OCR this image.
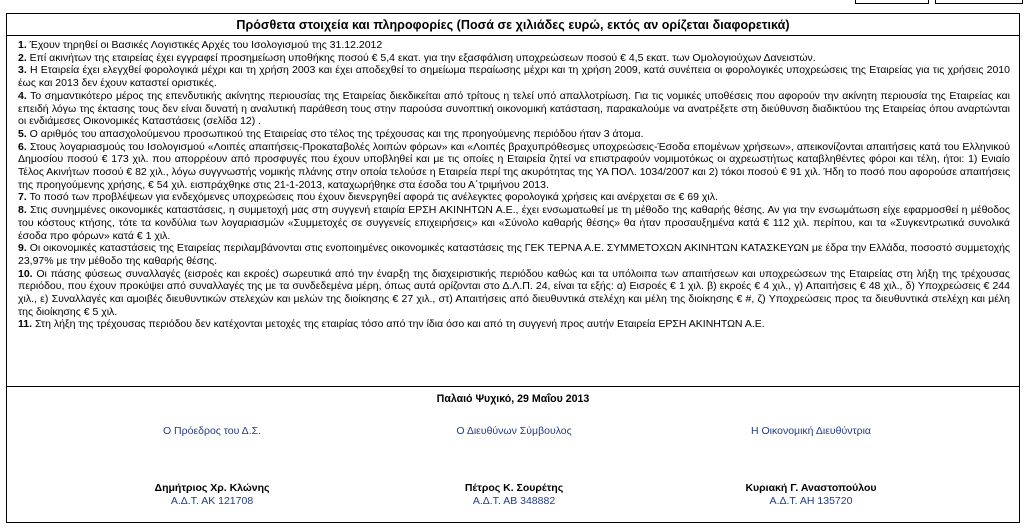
Πρόσθετα στοιχεία και πληροφορίες (Ποσά σε χιλιάδες ευρώ, εκτός αν ορίζεται διαφορετικά)

1. Έχουν τηρηθεί οι Βασικές Λογιστικές Αρχές του Ισολογισμού της 31.12.2012

2. Επί ακινήτων της εταιρείας έχει εγγραφεί προσημείωση υποθήκης ποσού € 5,4 εκατ. για την εξασφάλιση υποχρεώσεων ποσού € 4,5 εκατ. των Ομολογιούχων Δανειστών.

3. Η Εταιρεία έχει ελεγχθεί φορολογικά μέχρι και τη χρήση 2003 και έχει αποδεχθεί το σημείωμα περαίωσης μέχρι και τη χρήση 2009, κατά συνέπεια οι φορολογικές υποχρεώσεις της Εταιρείας για τις χρήσεις 2010 έως και 2013 δεν έχουν καταστεί οριστικές.

4. Το σημαντικότερο μέρος της επενδυτικής ακίνητης περιουσίας της Εταιρείας διεκδικείται από τρίτους η τελεί υπό απαλλοτρίωση. Για τις νομικές υποθέσεις που αφορούν την ακίνητη περιουσία της Εταιρείας και επειδή λόγω της έκτασης τους δεν είναι δυνατή η αναλυτική παράθεση τους στην παρούσα συνοπτική οικονομική κατάσταση, παρακαλούμε να ανατρέξετε στη διεύθυνση διαδικτύου της Εταιρείας όπου αναρτώνται οι ενδιάμεσες Οικονομικές Καταστάσεις (σελίδα 12) .

5. Ο αριθμός του απασχολούμενου προσωπικού της Εταιρείας στο τέλος της τρέχουσας και της προηγούμενης περιόδου ήταν 3 άτομα.

6. Στους λογαριασμούς του Ισολογισμού «Λοιπές απαιτήσεις-Προκαταβολές λοιπών φόρων» και «Λοιπές βραχυπρόθεσμες υποχρεώσεις-Έσοδα επομένων χρήσεων», απεικονίζονται απαιτήσεις κατά του Ελληνικού Δημοσίου ποσού € 173 χιλ. που απορρέουν από προσφυγές που έχουν υποβληθεί και με τις οποίες η Εταιρεία ζητεί να επιστραφούν νομιμοτόκως οι αχρεωστήτως καταβληθέντες φόροι και τέλη, ήτοι: 1) Ενιαίο Τέλος Ακινήτων ποσού € 82 χιλ., λόγω συγγνωστής νομικής πλάνης στην οποία τελούσε η Εταιρεία περί της ακυρότητας της ΥΑ ΠΟΛ. 1034/2007 και 2) τόκοι ποσού € 91 χιλ. Ήδη το ποσό που αφορούσε απαιτήσεις της προηγούμενης χρήσης, € 54 χιλ. εισπράχθηκε στις 21-1-2013, καταχωρήθηκε στα έσοδα του Α΄τριμήνου 2013.

7. Το ποσό των προβλέψεων για ενδεχόμενες υποχρεώσεις που έχουν διενεργηθεί αφορά τις ανέλεγκτες φορολογικά χρήσεις και ανέρχεται σε € 69 χιλ.

8. Στις συνημμένες οικονομικές καταστάσεις, η συμμετοχή μας στη συγγενή εταιρία ΕΡΣΗ ΑΚΙΝΗΤΩΝ Α.Ε., έχει ενσωματωθεί με τη μέθοδο της καθαρής θέσης. Αν για την ενσωμάτωση είχε εφαρμοσθεί η μέθοδος του κόστους κτήσης, τότε τα κονδύλια των λογαριασμών «Συμμετοχές σε συγγενείς επιχειρήσεις» και «Σύνολο καθαρής θέσης» θα ήταν προσαυξημένα κατά € 112 χιλ. περίπου, και τα «Συγκεντρωτικά συνολικά έσοδα προ φόρων» κατά € 1 χιλ.

9. Οι οικονομικές καταστάσεις της Εταιρείας περιλαμβάνονται στις ενοποιημένες οικονομικές καταστάσεις της ΓΕΚ ΤΕΡΝΑ Α.Ε. ΣΥΜΜΕΤΟΧΩΝ ΑΚΙΝΗΤΩΝ ΚΑΤΑΣΚΕΥΩΝ με έδρα την Ελλάδα, ποσοστό συμμετοχής 23,97% με την μέθοδο της καθαρής θέσης.

10. Οι πάσης φύσεως συναλλαγές (εισροές και εκροές) σωρευτικά από την έναρξη της διαχειριστικής περιόδου καθώς και τα υπόλοιπα των απαιτήσεων και υποχρεώσεων της Εταιρείας στη λήξη της τρέχουσας περιόδου, που έχουν προκύψει από συναλλαγές της με τα συνδεδεμένα μέρη, όπως αυτά ορίζονται στο Δ.Λ.Π. 24, είναι τα εξής: α) Εισροές € 1 χιλ. β) εκροές € 4 χιλ., γ) Απαιτήσεις € 48 χιλ., δ) Υποχρεώσεις € 244 χιλ., ε) Συναλλαγές και αμοιβές διευθυντικών στελεχών και μελών της διοίκησης € 27 χιλ., στ) Απαιτήσεις από διευθυντικά στελέχη και μέλη της διοίκησης € #, ζ) Υποχρεώσεις προς τα διευθυντικά στελέχη και μέλη της διοίκησης € 5 χιλ.

11. Στη λήξη της τρέχουσας περιόδου δεν κατέχονται μετοχές της εταιρίας τόσο από την ίδια όσο και από τη συγγενή προς αυτήν Εταιρεία ΕΡΣΗ ΑΚΙΝΗΤΩΝ Α.Ε.

Παλαιό Ψυχικό, 29 Μαΐου 2013
Ο Πρόεδρος του Δ.Σ.	Ο Διευθύνων Σύμβουλος	Η Οικονομική Διευθύντρια
Δημήτριος Χρ. Κλώνης	Πέτρος Κ. Σουρέτης	Κυριακή Γ. Αναστοπούλου
Α.Δ.Τ. ΑΚ 121708	Α.Δ.Τ. ΑΒ 348882	Α.Δ.Τ. ΑΗ 135720
